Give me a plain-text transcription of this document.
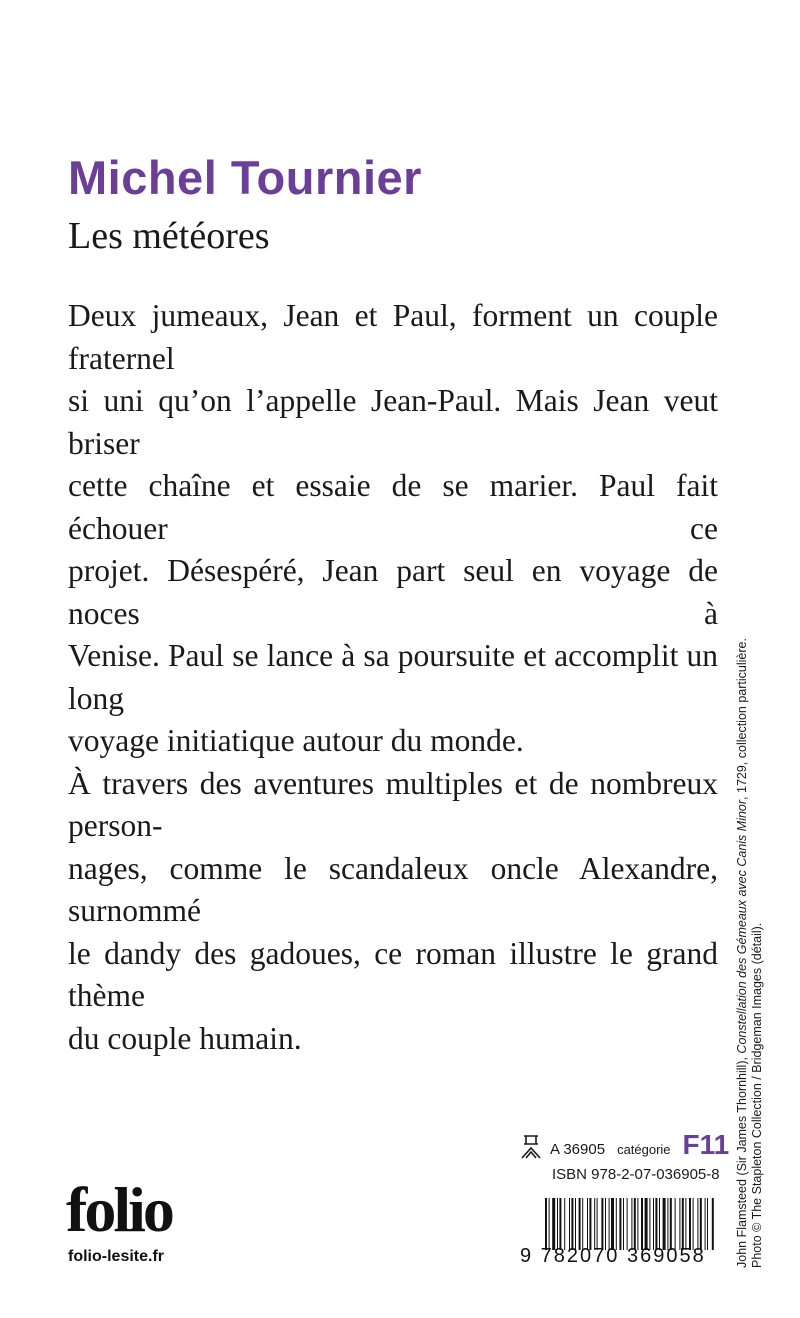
Michel Tournier
Les météores
Deux jumeaux, Jean et Paul, forment un couple fraternel
si uni qu’on l’appelle Jean-Paul. Mais Jean veut briser
cette chaîne et essaie de se marier. Paul fait échouer ce
projet. Désespéré, Jean part seul en voyage de noces à
Venise. Paul se lance à sa poursuite et accomplit un long
voyage initiatique autour du monde.
À travers des aventures multiples et de nombreux person-
nages, comme le scandaleux oncle Alexandre, surnommé
le dandy des gadoues, ce roman illustre le grand thème
du couple humain.
John Flamsteed (Sir James Thornhill), Constellation des Gémeaux avec Canis Minor, 1729, collection particulière.
Photo © The Stapleton Collection / Bridgeman Images (détail).
folio
folio-lesite.fr
A 36905 catégorie F11
ISBN 978-2-07-036905-8
9 782070 369058
